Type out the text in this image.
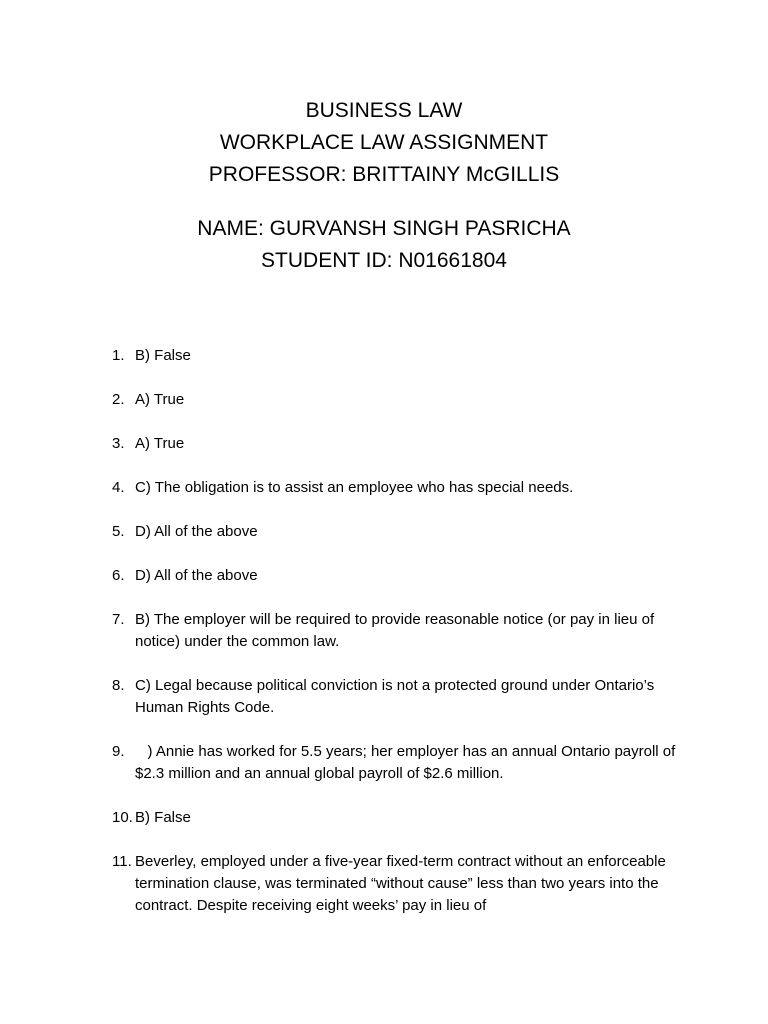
BUSINESS LAW
WORKPLACE LAW ASSIGNMENT
PROFESSOR: BRITTAINY McGILLIS
NAME: GURVANSH SINGH PASRICHA
STUDENT ID: N01661804
1. B) False
2. A) True
3. A) True
4. C) The obligation is to assist an employee who has special needs.
5. D) All of the above
6. D) All of the above
7. B) The employer will be required to provide reasonable notice (or pay in lieu of notice) under the common law.
8. C) Legal because political conviction is not a protected ground under Ontario’s Human Rights Code.
9. ) Annie has worked for 5.5 years; her employer has an annual Ontario payroll of $2.3 million and an annual global payroll of $2.6 million.
10. B) False
11. Beverley, employed under a five-year fixed-term contract without an enforceable termination clause, was terminated “without cause” less than two years into the contract. Despite receiving eight weeks’ pay in lieu of
